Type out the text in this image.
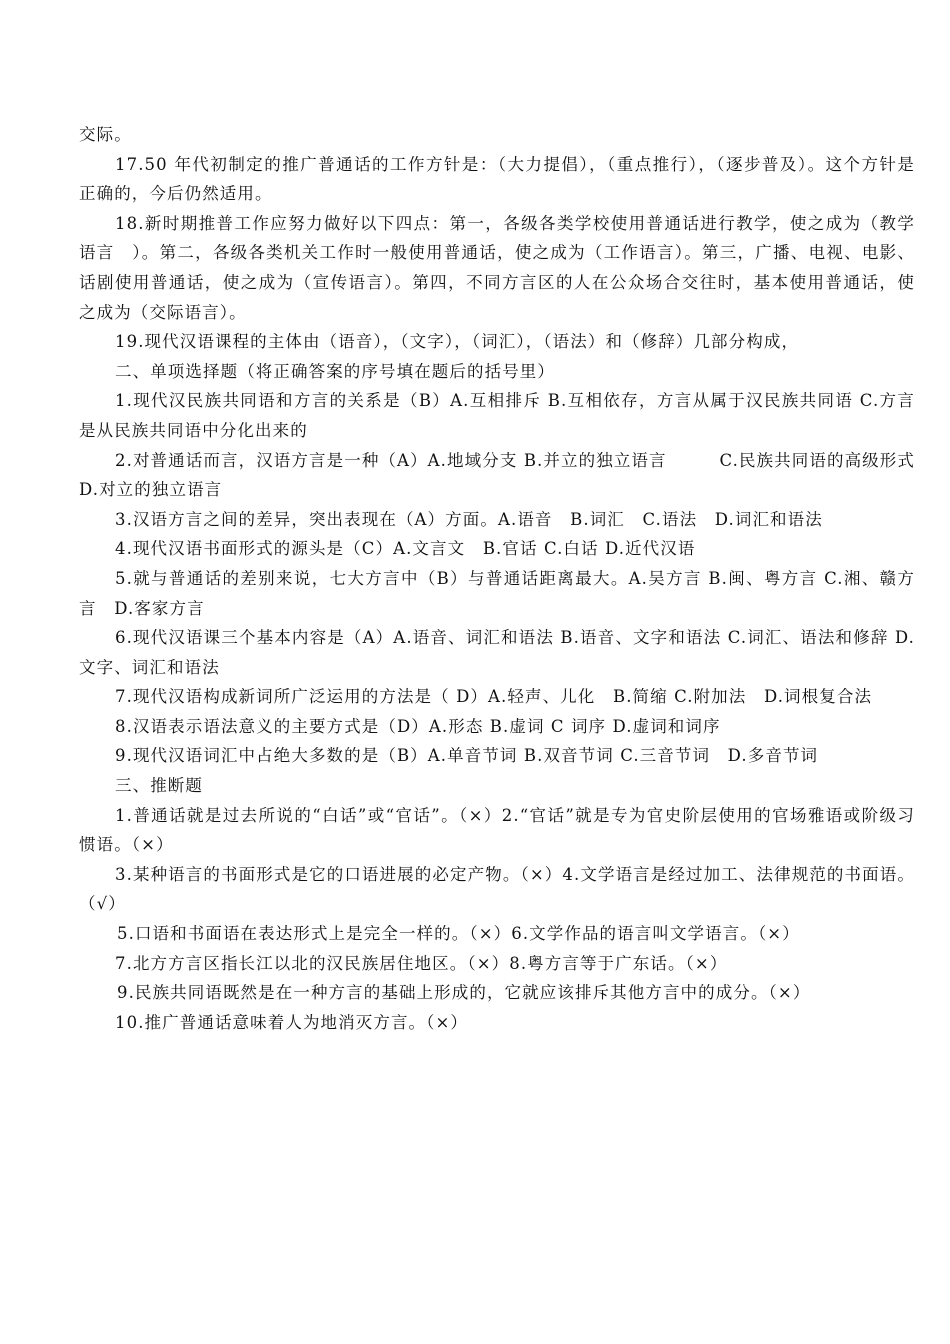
交际。

17.50 年代初制定的推广普通话的工作方针是：（大力提倡），（重点推行），（逐步普及）。这个方针是正确的，今后仍然适用。

18.新时期推普工作应努力做好以下四点：第一，各级各类学校使用普通话进行教学，使之成为（教学语言　）。第二，各级各类机关工作时一般使用普通话，使之成为（工作语言）。第三，广播、电视、电影、话剧使用普通话，使之成为（宣传语言）。第四，不同方言区的人在公众场合交往时，基本使用普通话，使之成为（交际语言）。

19.现代汉语课程的主体由（语音），（文字），（词汇），（语法）和（修辞）几部分构成，

二、单项选择题（将正确答案的序号填在题后的括号里）

1.现代汉民族共同语和方言的关系是（B）A.互相排斥 B.互相依存，方言从属于汉民族共同语 C.方言是从民族共同语中分化出来的

2.对普通话而言，汉语方言是一种（A）A.地域分支 B.并立的独立语言　　　C.民族共同语的高级形式　　D.对立的独立语言

3.汉语方言之间的差异，突出表现在（A）方面。A.语音　B.词汇　C.语法　D.词汇和语法

4.现代汉语书面形式的源头是（C）A.文言文　B.官话 C.白话 D.近代汉语

5.就与普通话的差别来说，七大方言中（B）与普通话距离最大。A.吴方言 B.闽、粤方言 C.湘、赣方言　D.客家方言

6.现代汉语课三个基本内容是（A）A.语音、词汇和语法 B.语音、文字和语法 C.词汇、语法和修辞 D.文字、词汇和语法

7.现代汉语构成新词所广泛运用的方法是（ D）A.轻声、儿化　B.简缩 C.附加法　D.词根复合法

8.汉语表示语法意义的主要方式是（D）A.形态 B.虚词 C 词序 D.虚词和词序

9.现代汉语词汇中占绝大多数的是（B）A.单音节词 B.双音节词 C.三音节词　D.多音节词

三、推断题

1.普通话就是过去所说的“白话”或“官话”。（×）2.“官话”就是专为官史阶层使用的官场雅语或阶级习惯语。（×）

3.某种语言的书面形式是它的口语进展的必定产物。（×）4.文学语言是经过加工、法律规范的书面语。（√）

5.口语和书面语在表达形式上是完全一样的。（×）6.文学作品的语言叫文学语言。（×）

7.北方方言区指长江以北的汉民族居住地区。（×）8.粤方言等于广东话。（×）

9.民族共同语既然是在一种方言的基础上形成的，它就应该排斥其他方言中的成分。（×）

10.推广普通话意味着人为地消灭方言。（×）
